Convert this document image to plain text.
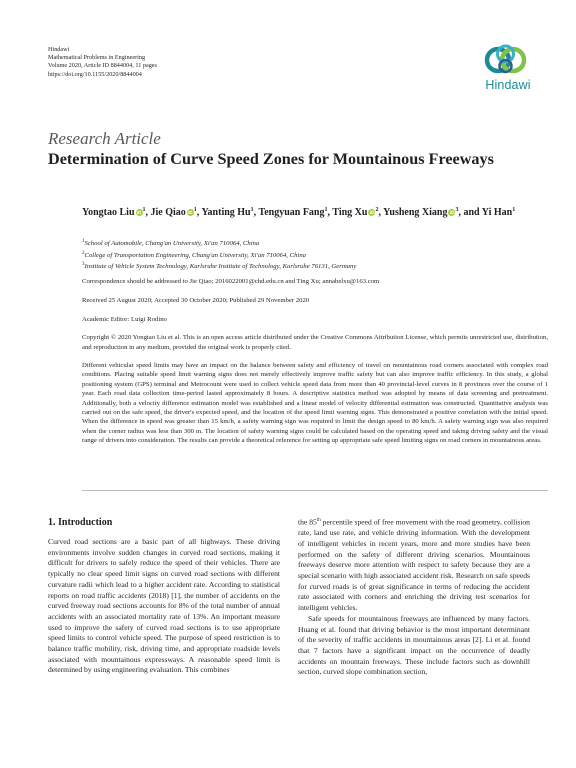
Hindawi
Mathematical Problems in Engineering
Volume 2020, Article ID 8844004, 11 pages
https://doi.org/10.1155/2020/8844004
Hindawi
Research Article
Determination of Curve Speed Zones for Mountainous Freeways
Yongtao Liu $iD^1$, Jie Qiao $iD^1$, Yanting Hu$^1$, Tengyuan Fang$^1$, Ting Xu $iD^2$, Yusheng Xiang $iD^3$, and Yi Han$^1$
$^1$School of Automobile, Chang'an University, Xi'an 710064, China
$^2$College of Transportation Engineering, Chang'an University, Xi'an 710064, China
$^3$Institute of Vehicle System Technology, Karlsruhe Institute of Technology, Karlsruhe 76131, Germany
Correspondence should be addressed to Jie Qiao; 2016022001@chd.edu.cn and Ting Xu; annabelxu@163.com
Received 25 August 2020; Accepted 30 October 2020; Published 29 November 2020
Academic Editor: Luigi Rodino
Copyright © 2020 Yongtao Liu et al. This is an open access article distributed under the Creative Commons Attribution License, which permits unrestricted use, distribution, and reproduction in any medium, provided the original work is properly cited.
Different vehicular speed limits may have an impact on the balance between safety and efficiency of travel on mountainous road corners associated with complex road conditions. Placing suitable speed limit warning signs does not merely effectively improve traffic safety but can also improve traffic efficiency. In this study, a global positioning system (GPS) terminal and Metrocount were used to collect vehicle speed data from more than 40 provincial-level curves in 8 provinces over the course of 1 year. Each road data collection time-period lasted approximately 8 hours. A descriptive statistics method was adopted by means of data screening and pretreatment. Additionally, both a velocity difference estimation model was established and a linear model of velocity differential estimation was constructed. Quantitative analysis was carried out on the safe speed, the driver's expected speed, and the location of the speed limit warning signs. This demonstrated a positive correlation with the initial speed. When the difference in speed was greater than 15 km/h, a safety warning sign was required to limit the design speed to 80 km/h. A safety warning sign was also required when the corner radius was less than 300 m. The location of safety warning signs could be calculated based on the operating speed and taking driving safety and the visual range of drivers into consideration. The results can provide a theoretical reference for setting up appropriate safe speed limiting signs on road corners in mountainous areas.
1. Introduction

Curved road sections are a basic part of all highways. These driving environments involve sudden changes in curved road sections, making it difficult for drivers to safely reduce the speed of their vehicles. There are typically no clear speed limit signs on curved road sections with different curvature radii which lead to a higher accident rate. According to statistical reports on road traffic accidents (2018) [1], the number of accidents on the curved freeway road sections accounts for 8% of the total number of annual accidents with an associated mortality rate of 13%. An important measure used to improve the safety of curved road sections is to use appropriate speed limits to control vehicle speed. The purpose of speed restriction is to balance traffic mobility, risk, driving time, and appropriate roadside levels associated with mountainous expressways. A reasonable speed limit is determined by using engineering evaluation. This combines

the 85th percentile speed of free movement with the road geometry, collision rate, land use rate, and vehicle driving information. With the development of intelligent vehicles in recent years, more and more studies have been performed on the safety of different driving scenarios. Mountainous freeways deserve more attention with respect to safety because they are a special scenario with high associated accident risk. Research on safe speeds for curved roads is of great significance in terms of reducing the accident rate associated with corners and enriching the driving test scenarios for intelligent vehicles.

Safe speeds for mountainous freeways are influenced by many factors. Huang et al. found that driving behavior is the most important determinant of the severity of traffic accidents in mountainous areas [2]. Li et al. found that 7 factors have a significant impact on the occurrence of deadly accidents on mountain freeways. These include factors such as downhill section, curved slope combination section,
